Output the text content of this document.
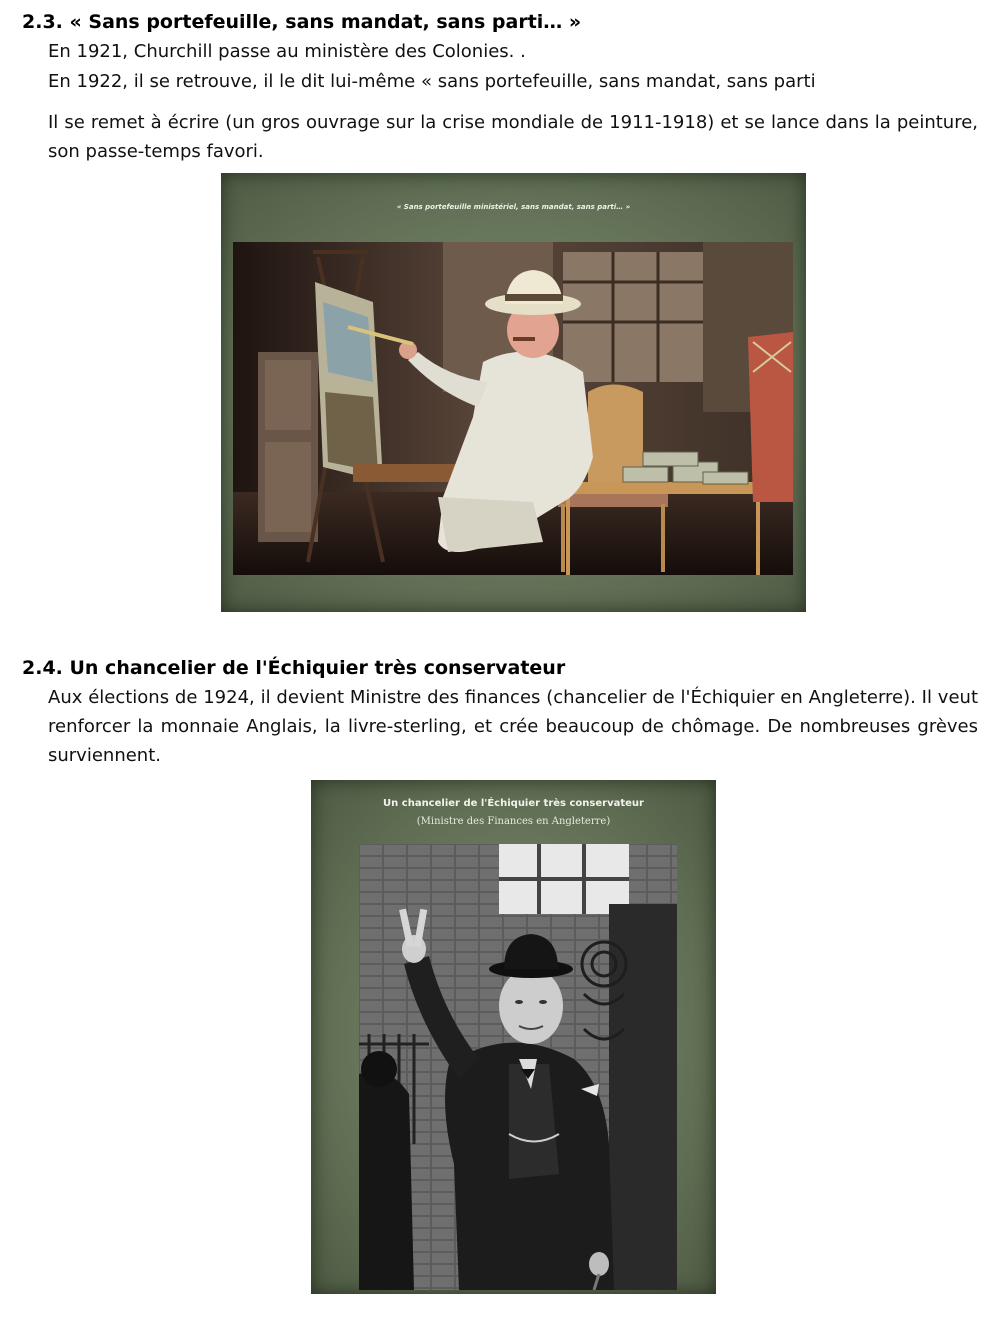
2.3. « Sans portefeuille, sans mandat, sans parti… »

En 1921, Churchill passe au ministère des Colonies. .

En 1922, il se retrouve, il le dit lui-même « sans portefeuille, sans mandat, sans parti

Il se remet à écrire (un gros ouvrage sur la crise mondiale de 1911-1918) et se lance dans la peinture, son passe-temps favori.

« Sans portefeuille ministériel, sans mandat, sans parti… »
2.4. Un chancelier de l'Échiquier très conservateur

Aux élections de 1924, il devient Ministre des finances (chancelier de l'Échiquier en Angleterre). Il veut renforcer la monnaie Anglais, la livre-sterling, et crée beaucoup de chômage. De nombreuses grèves surviennent.

Un chancelier de l'Échiquier très conservateur
(Ministre des Finances en Angleterre)
